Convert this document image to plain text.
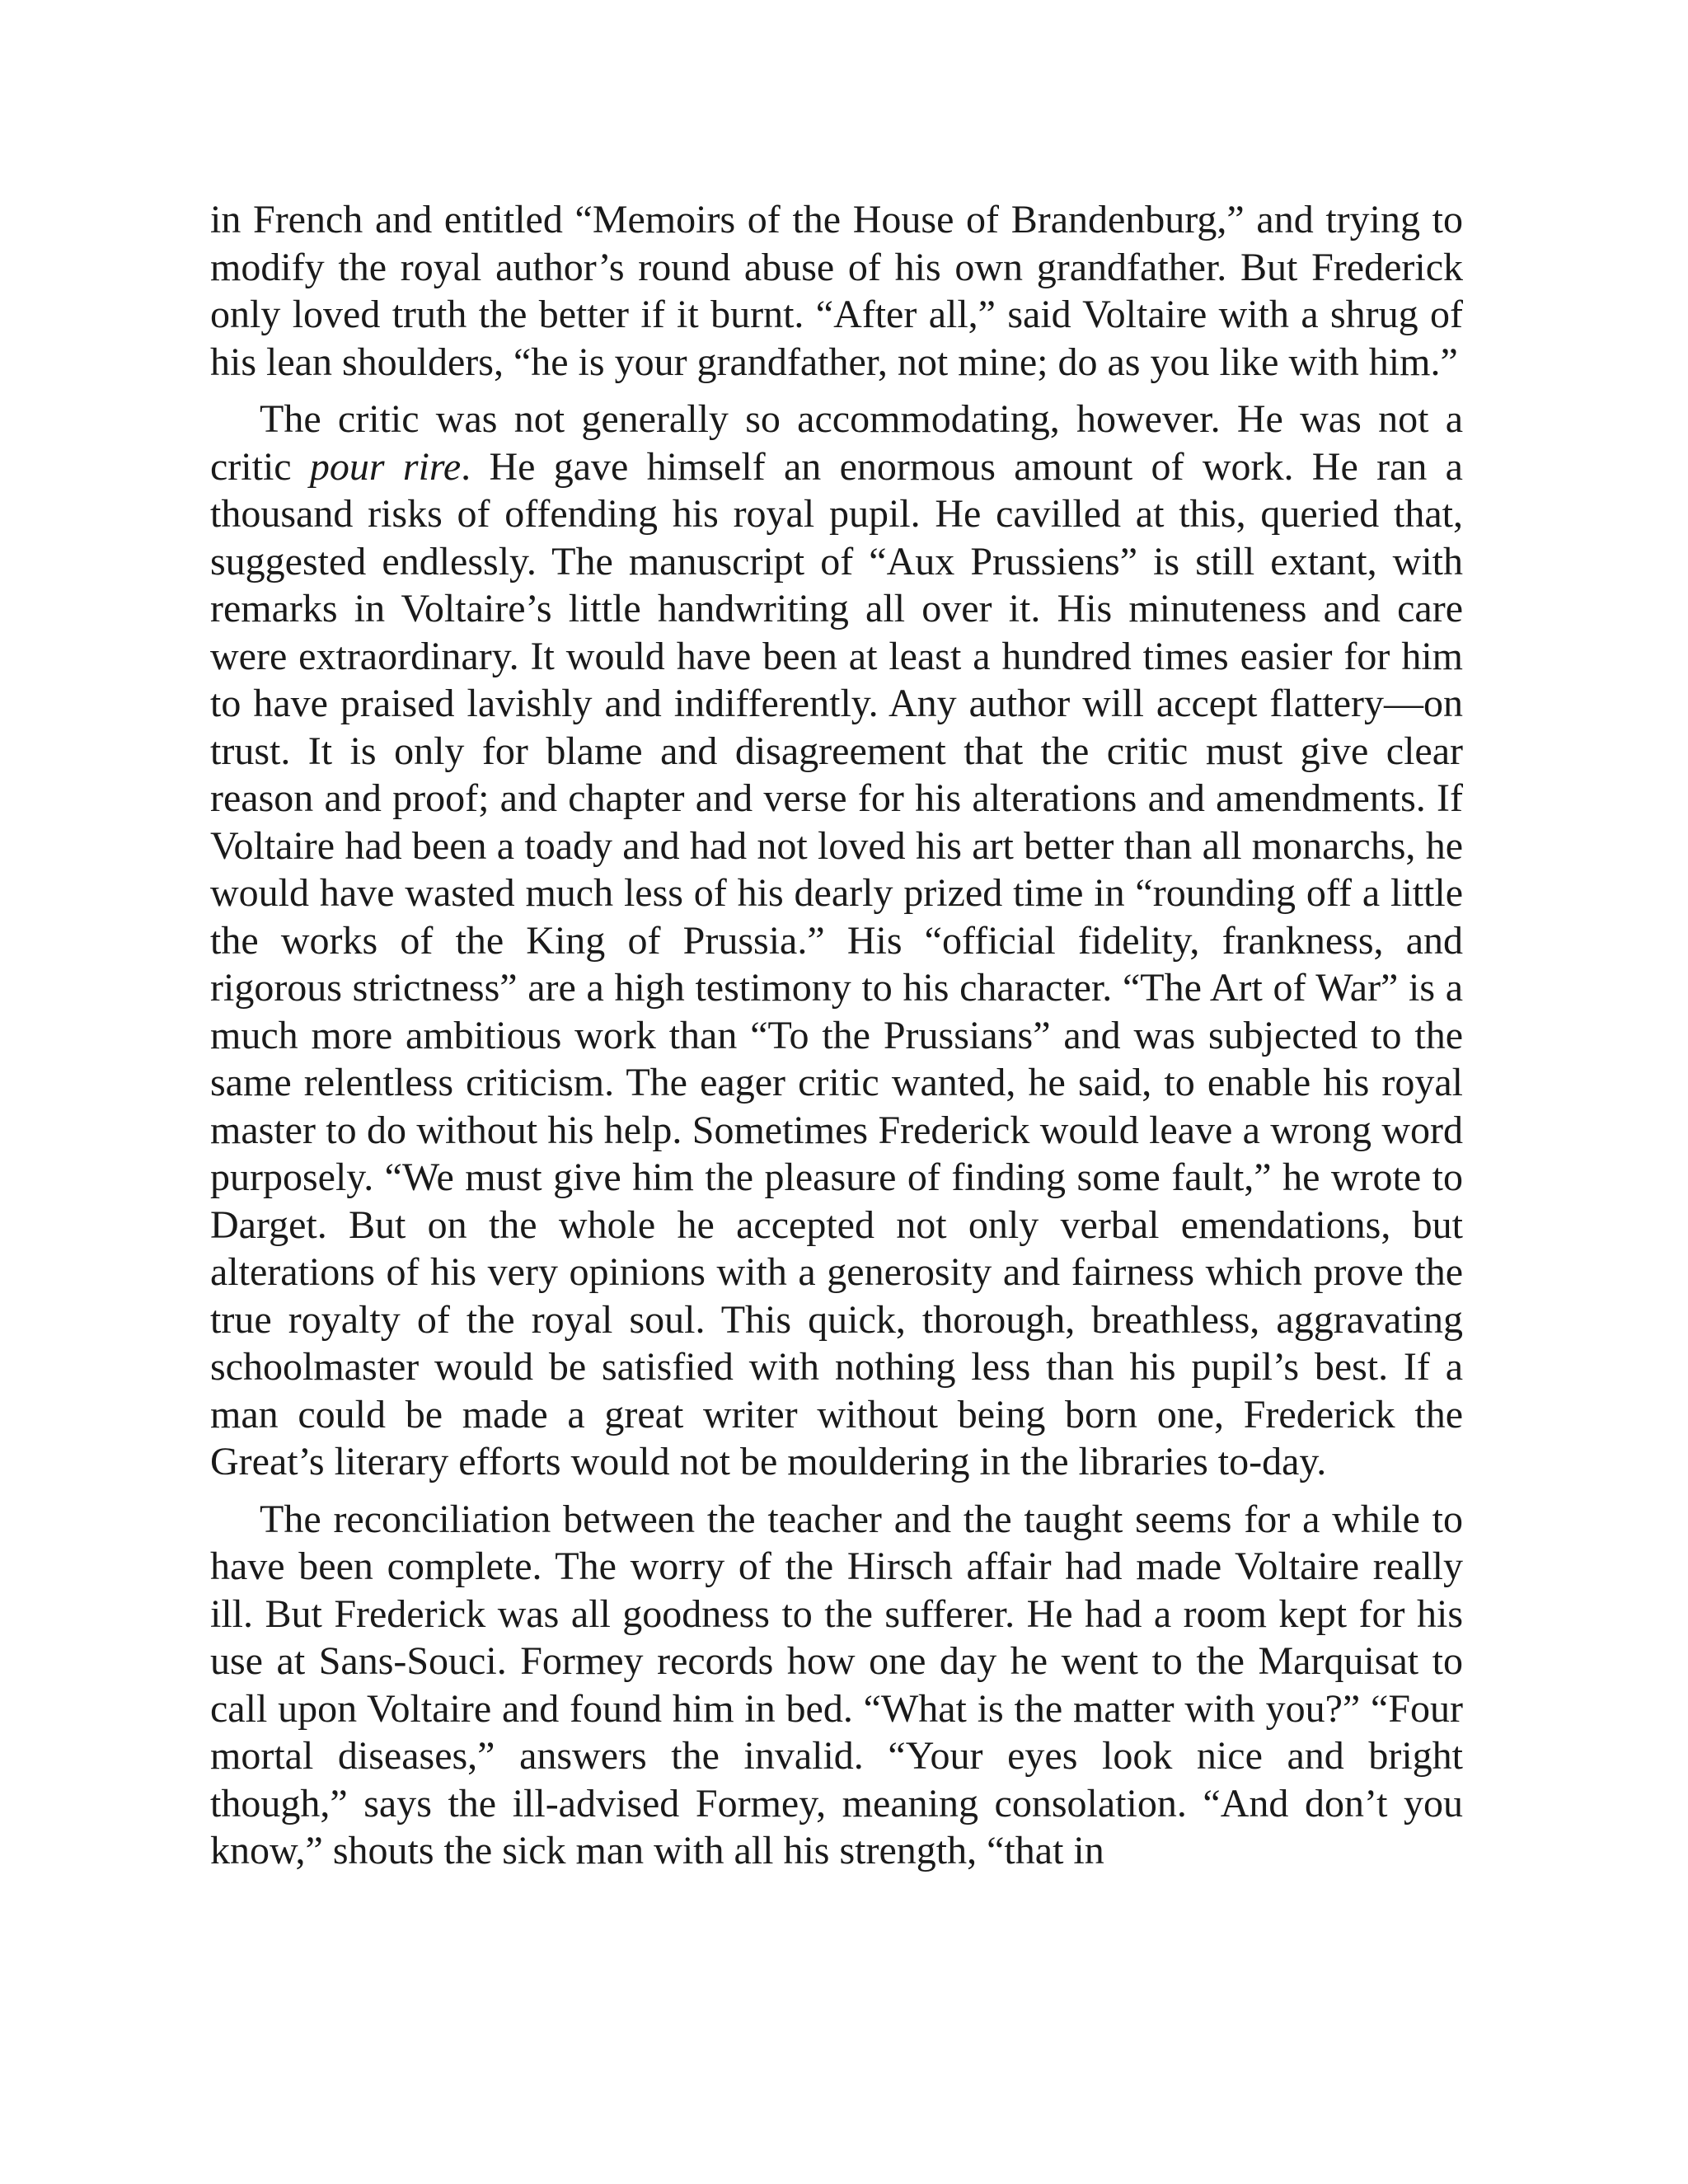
in French and entitled “Memoirs of the House of Brandenburg,” and trying to modify the royal author’s round abuse of his own grandfather. But Frederick only loved truth the better if it burnt. “After all,” said Voltaire with a shrug of his lean shoulders, “he is your grandfather, not mine; do as you like with him.”

The critic was not generally so accommodating, however. He was not a critic pour rire. He gave himself an enormous amount of work. He ran a thousand risks of offending his royal pupil. He cavilled at this, queried that, suggested endlessly. The manuscript of “Aux Prussiens” is still extant, with remarks in Voltaire’s little handwriting all over it. His minuteness and care were extraordinary. It would have been at least a hundred times easier for him to have praised lavishly and indifferently. Any author will accept flattery—on trust. It is only for blame and disagreement that the critic must give clear reason and proof; and chapter and verse for his alterations and amendments. If Voltaire had been a toady and had not loved his art better than all monarchs, he would have wasted much less of his dearly prized time in “rounding off a little the works of the King of Prussia.” His “official fidelity, frankness, and rigorous strictness” are a high testimony to his character. “The Art of War” is a much more ambitious work than “To the Prussians” and was subjected to the same relentless criticism. The eager critic wanted, he said, to enable his royal master to do without his help. Sometimes Frederick would leave a wrong word purposely. “We must give him the pleasure of finding some fault,” he wrote to Darget. But on the whole he accepted not only verbal emendations, but alterations of his very opinions with a generosity and fairness which prove the true royalty of the royal soul. This quick, thorough, breathless, aggravating schoolmaster would be satisfied with nothing less than his pupil’s best. If a man could be made a great writer without being born one, Frederick the Great’s literary efforts would not be mouldering in the libraries to-day.

The reconciliation between the teacher and the taught seems for a while to have been complete. The worry of the Hirsch affair had made Voltaire really ill. But Frederick was all goodness to the sufferer. He had a room kept for his use at Sans-Souci. Formey records how one day he went to the Marquisat to call upon Voltaire and found him in bed. “What is the matter with you?” “Four mortal diseases,” answers the invalid. “Your eyes look nice and bright though,” says the ill-advised Formey, meaning consolation. “And don’t you know,” shouts the sick man with all his strength, “that in
